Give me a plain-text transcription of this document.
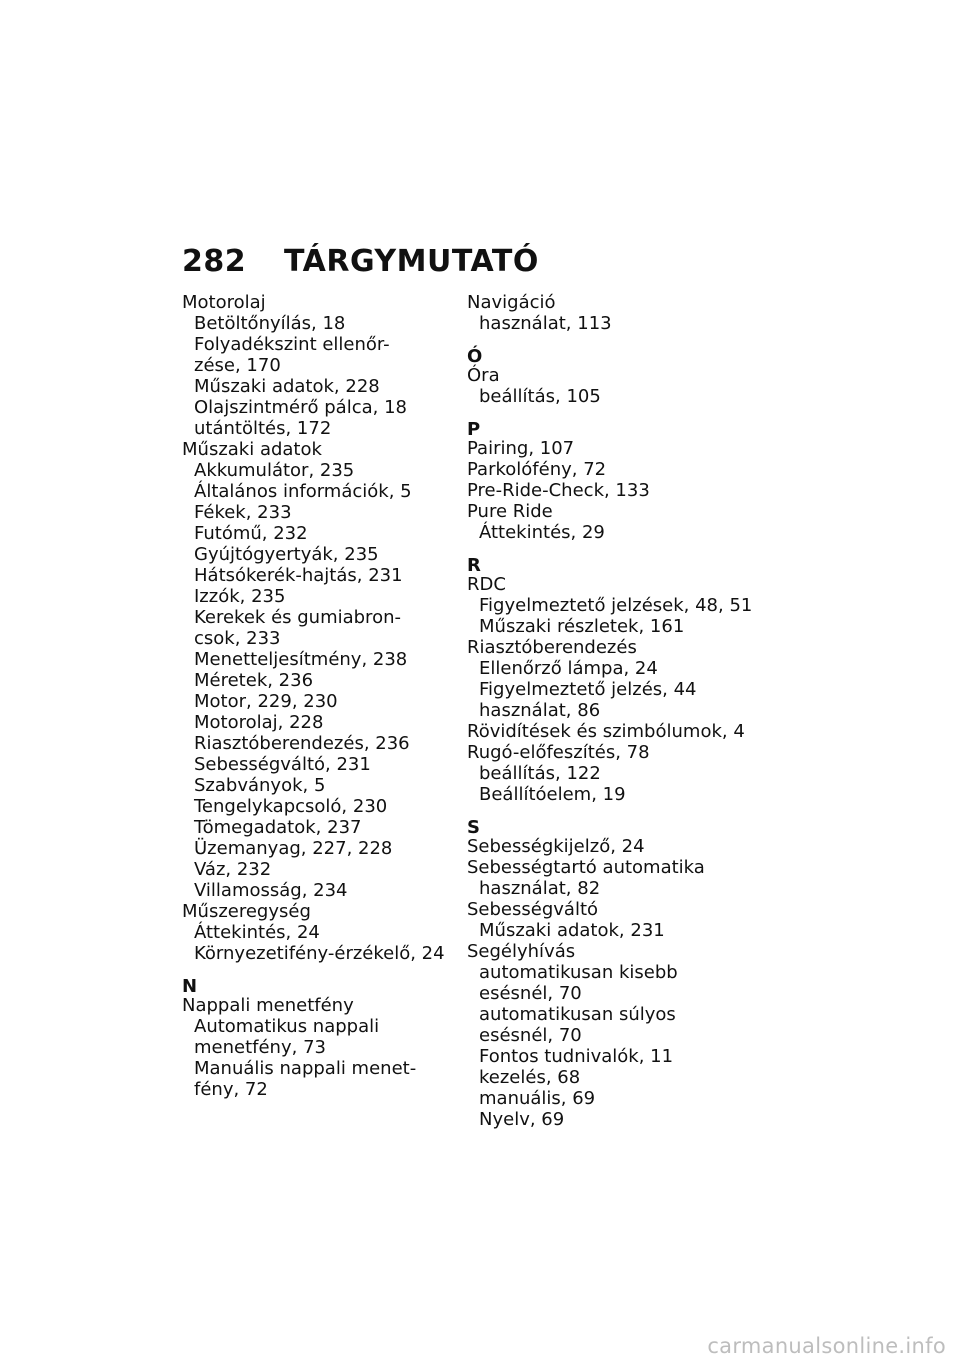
282	TÁRGYMUTATÓ
Motorolaj
Betöltőnyílás, 18
Folyadékszint ellenőr-
zése, 170
Műszaki adatok, 228
Olajszintmérő pálca, 18
utántöltés, 172
Műszaki adatok
Akkumulátor, 235
Általános információk, 5
Fékek, 233
Futómű, 232
Gyújtógyertyák, 235
Hátsókerék-hajtás, 231
Izzók, 235
Kerekek és gumiabron-
csok, 233
Menetteljesítmény, 238
Méretek, 236
Motor, 229, 230
Motorolaj, 228
Riasztóberendezés, 236
Sebességváltó, 231
Szabványok, 5
Tengelykapcsoló, 230
Tömegadatok, 237
Üzemanyag, 227, 228
Váz, 232
Villamosság, 234
Műszeregység
Áttekintés, 24
Környezetifény-érzékelő, 24
N
Nappali menetfény
Automatikus nappali
menetfény, 73
Manuális nappali menet-
fény, 72
Navigáció
használat, 113
Ó
Óra
beállítás, 105
P
Pairing, 107
Parkolófény, 72
Pre-Ride-Check, 133
Pure Ride
Áttekintés, 29
R
RDC
Figyelmeztető jelzések, 48, 51
Műszaki részletek, 161
Riasztóberendezés
Ellenőrző lámpa, 24
Figyelmeztető jelzés, 44
használat, 86
Rövidítések és szimbólumok, 4
Rugó-előfeszítés, 78
beállítás, 122
Beállítóelem, 19
S
Sebességkijelző, 24
Sebességtartó automatika
használat, 82
Sebességváltó
Műszaki adatok, 231
Segélyhívás
automatikusan kisebb
esésnél, 70
automatikusan súlyos
esésnél, 70
Fontos tudnivalók, 11
kezelés, 68
manuális, 69
Nyelv, 69
carmanualsonline.info
